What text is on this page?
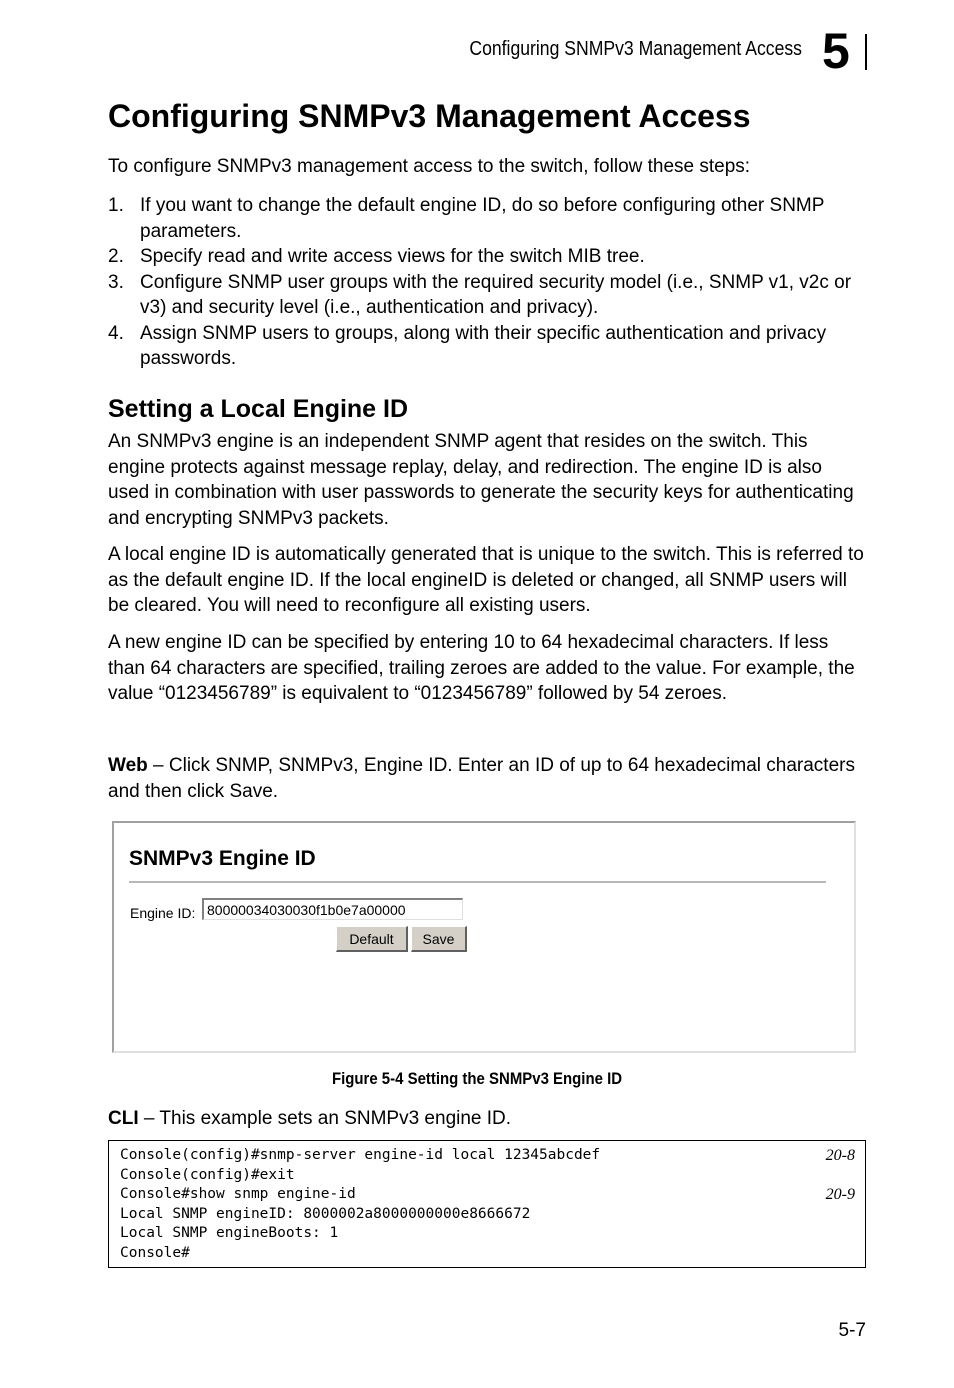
Configuring SNMPv3 Management Access 5
Configuring SNMPv3 Management Access

To configure SNMPv3 management access to the switch, follow these steps:

1. If you want to change the default engine ID, do so before configuring other SNMP parameters.
2. Specify read and write access views for the switch MIB tree.
3. Configure SNMP user groups with the required security model (i.e., SNMP v1, v2c or v3) and security level (i.e., authentication and privacy).
4. Assign SNMP users to groups, along with their specific authentication and privacy passwords.
Setting a Local Engine ID

An SNMPv3 engine is an independent SNMP agent that resides on the switch. This engine protects against message replay, delay, and redirection. The engine ID is also used in combination with user passwords to generate the security keys for authenticating and encrypting SNMPv3 packets.

A local engine ID is automatically generated that is unique to the switch. This is referred to as the default engine ID. If the local engineID is deleted or changed, all SNMP users will be cleared. You will need to reconfigure all existing users.

A new engine ID can be specified by entering 10 to 64 hexadecimal characters. If less than 64 characters are specified, trailing zeroes are added to the value. For example, the value “0123456789” is equivalent to “0123456789” followed by 54 zeroes.

Web – Click SNMP, SNMPv3, Engine ID. Enter an ID of up to 64 hexadecimal characters and then click Save.

SNMPv3 Engine ID
Engine ID:
80000034030030f1b0e7a00000
Default	Save
Figure 5-4 Setting the SNMPv3 Engine ID

CLI – This example sets an SNMPv3 engine ID.

Console(config)#snmp-server engine-id local 12345abcdef	20-8
Console(config)#exit
Console#show snmp engine-id	20-9
Local SNMP engineID: 8000002a8000000000e8666672
Local SNMP engineBoots: 1
Console#
5-7
